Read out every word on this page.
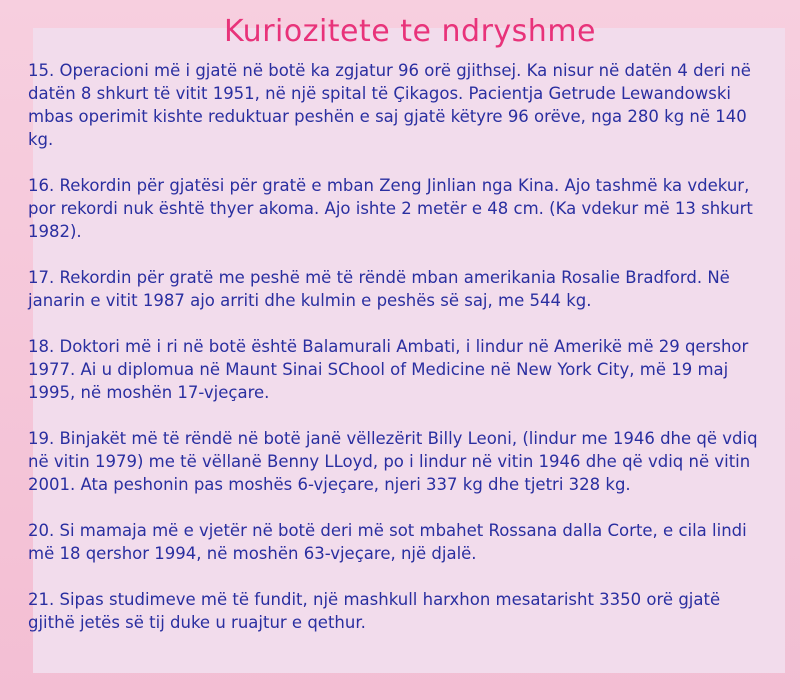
Kuriozitete te ndryshme

15. Operacioni më i gjatë në botë ka zgjatur 96 orë gjithsej. Ka nisur në datën 4 deri në datën 8 shkurt të vitit 1951, në një spital të Çikagos. Pacientja Getrude Lewandowski mbas operimit kishte reduktuar peshën e saj gjatë këtyre 96 orëve, nga 280 kg në 140 kg.

16. Rekordin për gjatësi për gratë e mban Zeng Jinlian nga Kina. Ajo tashmë ka vdekur, por rekordi nuk është thyer akoma. Ajo ishte 2 metër e 48 cm. (Ka vdekur më 13 shkurt 1982).

17. Rekordin për gratë me peshë më të rëndë mban amerikania Rosalie Bradford. Në janarin e vitit 1987 ajo arriti dhe kulmin e peshës së saj, me 544 kg.

18. Doktori më i ri në botë është Balamurali Ambati, i lindur në Amerikë më 29 qershor 1977. Ai u diplomua në Maunt Sinai SChool of Medicine në New York City, më 19 maj 1995, në moshën 17-vjeçare.

19. Binjakët më të rëndë në botë janë vëllezërit Billy Leoni, (lindur me 1946 dhe që vdiq në vitin 1979) me të vëllanë Benny LLoyd, po i lindur në vitin 1946 dhe që vdiq në vitin 2001. Ata peshonin pas moshës 6-vjeçare, njeri 337 kg dhe tjetri 328 kg.

20. Si mamaja më e vjetër në botë deri më sot mbahet Rossana dalla Corte, e cila lindi më 18 qershor 1994, në moshën 63-vjeçare, një djalë.

21. Sipas studimeve më të fundit, një mashkull harxhon mesatarisht 3350 orë gjatë gjithë jetës së tij duke u ruajtur e qethur.
